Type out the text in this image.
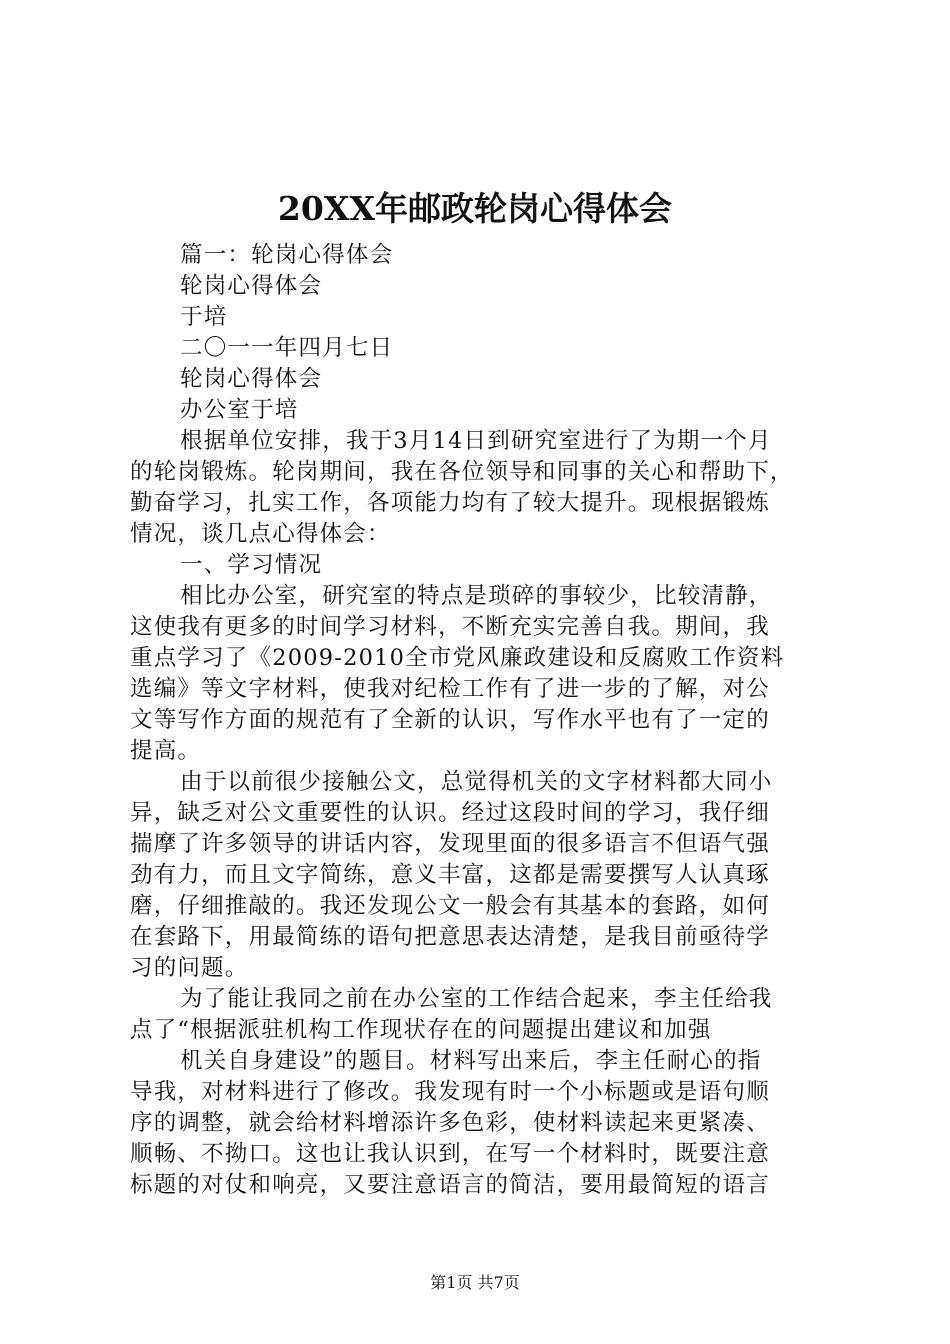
20XX年邮政轮岗心得体会
篇一：轮岗心得体会
轮岗心得体会
于培
二〇一一年四月七日
轮岗心得体会
办公室于培
根据单位安排，我于3月14日到研究室进行了为期一个月
的轮岗锻炼。轮岗期间，我在各位领导和同事的关心和帮助下，
勤奋学习，扎实工作，各项能力均有了较大提升。现根据锻炼
情况，谈几点心得体会：
一、学习情况
相比办公室，研究室的特点是琐碎的事较少，比较清静，
这使我有更多的时间学习材料，不断充实完善自我。期间，我
重点学习了《2009-2010全市党风廉政建设和反腐败工作资料
选编》等文字材料，使我对纪检工作有了进一步的了解，对公
文等写作方面的规范有了全新的认识，写作水平也有了一定的
提高。
由于以前很少接触公文，总觉得机关的文字材料都大同小
异，缺乏对公文重要性的认识。经过这段时间的学习，我仔细
揣摩了许多领导的讲话内容，发现里面的很多语言不但语气强
劲有力，而且文字简练，意义丰富，这都是需要撰写人认真琢
磨，仔细推敲的。我还发现公文一般会有其基本的套路，如何
在套路下，用最简练的语句把意思表达清楚，是我目前亟待学
习的问题。
为了能让我同之前在办公室的工作结合起来，李主任给我
点了“根据派驻机构工作现状存在的问题提出建议和加强
机关自身建设”的题目。材料写出来后，李主任耐心的指
导我，对材料进行了修改。我发现有时一个小标题或是语句顺
序的调整，就会给材料增添许多色彩，使材料读起来更紧凑、
顺畅、不拗口。这也让我认识到，在写一个材料时，既要注意
标题的对仗和响亮，又要注意语言的简洁，要用最简短的语言
第1页 共7页
